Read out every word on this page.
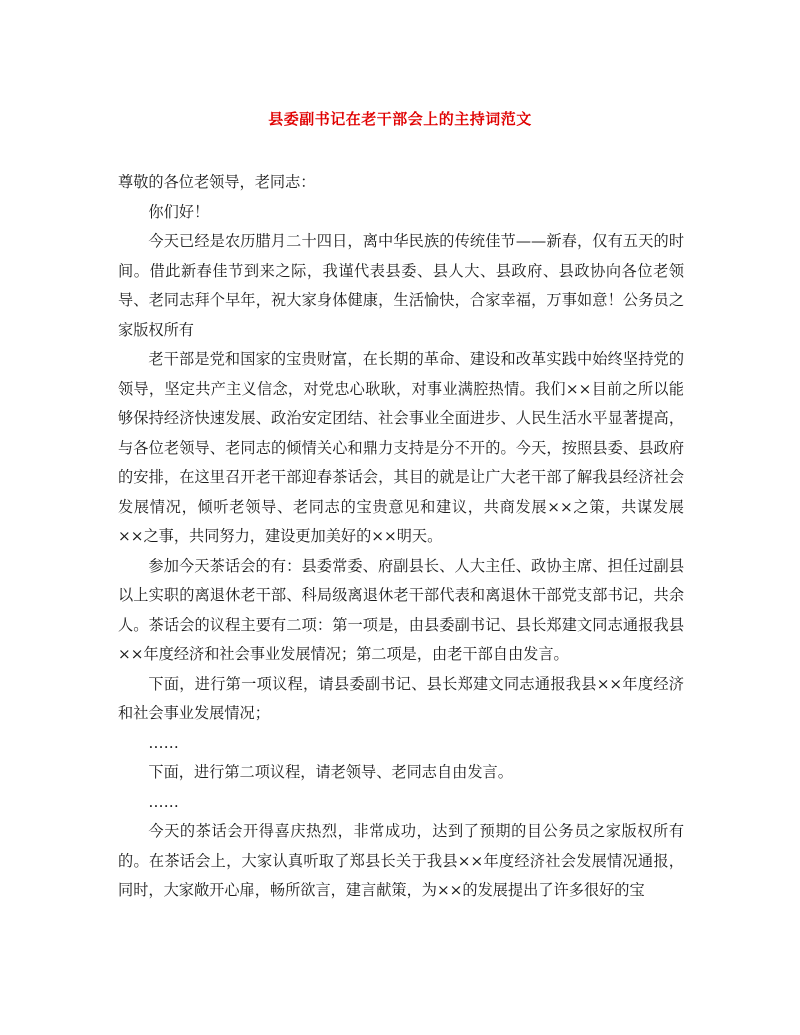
县委副书记在老干部会上的主持词范文

尊敬的各位老领导，老同志：

你们好！

今天已经是农历腊月二十四日，离中华民族的传统佳节——新春，仅有五天的时间。借此新春佳节到来之际，我谨代表县委、县人大、县政府、县政协向各位老领导、老同志拜个早年，祝大家身体健康，生活愉快，合家幸福，万事如意！公务员之家版权所有

老干部是党和国家的宝贵财富，在长期的革命、建设和改革实践中始终坚持党的领导，坚定共产主义信念，对党忠心耿耿，对事业满腔热情。我们××目前之所以能够保持经济快速发展、政治安定团结、社会事业全面进步、人民生活水平显著提高，与各位老领导、老同志的倾情关心和鼎力支持是分不开的。今天，按照县委、县政府的安排，在这里召开老干部迎春茶话会，其目的就是让广大老干部了解我县经济社会发展情况，倾听老领导、老同志的宝贵意见和建议，共商发展××之策，共谋发展××之事，共同努力，建设更加美好的××明天。

参加今天茶话会的有：县委常委、府副县长、人大主任、政协主席、担任过副县以上实职的离退休老干部、科局级离退休老干部代表和离退休干部党支部书记，共余人。茶话会的议程主要有二项：第一项是，由县委副书记、县长郑建文同志通报我县××年度经济和社会事业发展情况；第二项是，由老干部自由发言。

下面，进行第一项议程，请县委副书记、县长郑建文同志通报我县××年度经济和社会事业发展情况；

……

下面，进行第二项议程，请老领导、老同志自由发言。

……

今天的茶话会开得喜庆热烈，非常成功，达到了预期的目公务员之家版权所有的。在茶话会上，大家认真听取了郑县长关于我县××年度经济社会发展情况通报，同时，大家敞开心扉，畅所欲言，建言献策，为××的发展提出了许多很好的宝
